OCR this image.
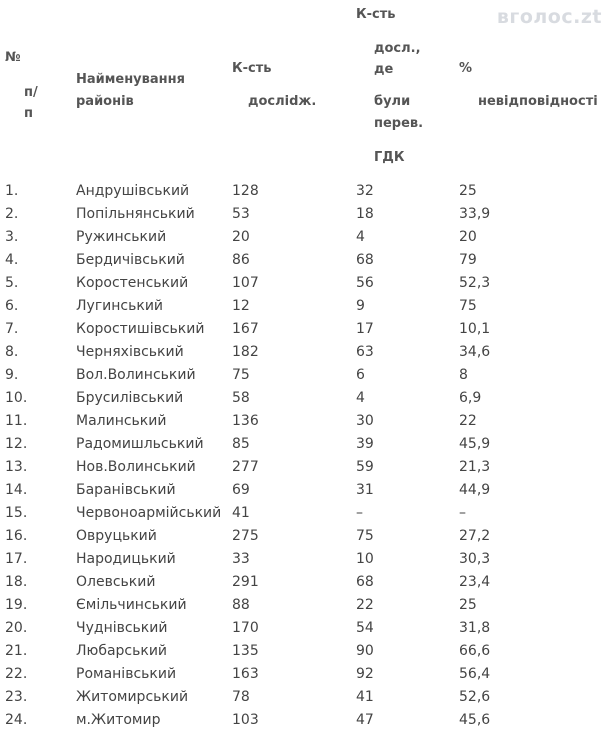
вголос.zt
№
п/
п
Найменування
районів
К-сть
досліdж.
К-сть
досл.,
де
були
перев.
ГДК
%
невідповідності
1.	Андрушівський	128	32	25
2.	Попільнянський	53	18	33,9
3.	Ружинський	20	4	20
4.	Бердичівський	86	68	79
5.	Коростенський	107	56	52,3
6.	Лугинський	12	9	75
7.	Коростишівський 167	17	10,1
8.	Черняхівський	182	63	34,6
9.	Вол.Волинський	75	6	8
10.	Брусилівський	58	4	6,9
11.	Малинський	136	30	22
12.	Радомишльський 85	39	45,9
13.	Нов.Волинський	277	59	21,3
14.	Баранівський	69	31	44,9
15.	Червоноармійський 41	–	–
16.	Овруцький	275	75	27,2
17.	Народицький	33	10	30,3
18.	Олевський	291	68	23,4
19.	Ємільчинський	88	22	25
20.	Чуднівський	170	54	31,8
21.	Любарський	135	90	66,6
22.	Романівський	163	92	56,4
23.	Житомирський	78	41	52,6
24.	м.Житомир	103	47	45,6
